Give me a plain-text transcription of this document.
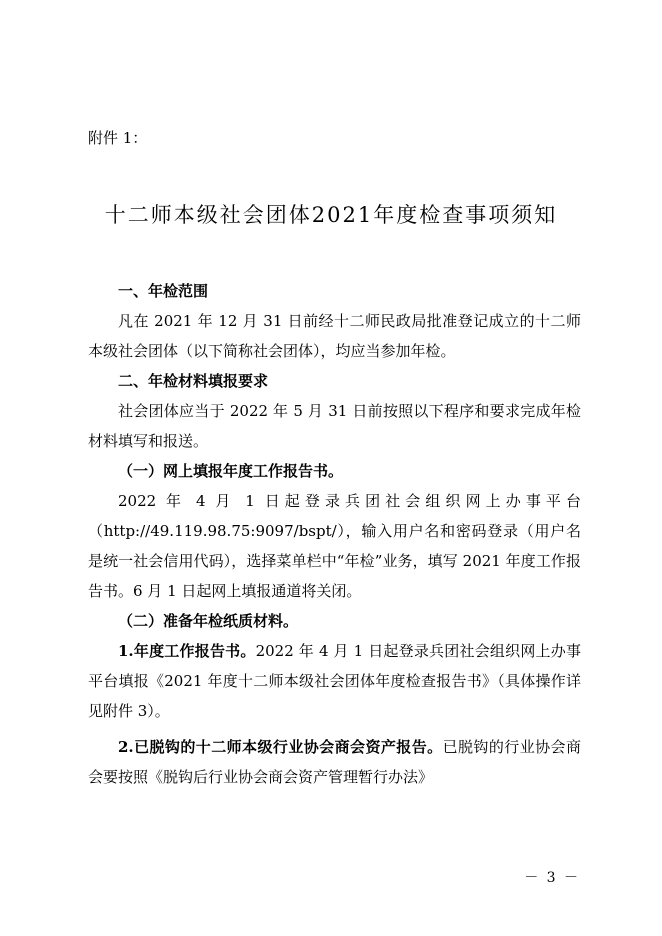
附件 1：
十二师本级社会团体2021年度检查事项须知

一、年检范围

凡在 2021 年 12 月 31 日前经十二师民政局批准登记成立的十二师本级社会团体（以下简称社会团体），均应当参加年检。

二、年检材料填报要求

社会团体应当于 2022 年 5 月 31 日前按照以下程序和要求完成年检材料填写和报送。

（一）网上填报年度工作报告书。

2022 年 4 月 1 日起登录兵团社会组织网上办事平台（http://49.119.98.75:9097/bspt/），输入用户名和密码登录（用户名是统一社会信用代码），选择菜单栏中“年检”业务，填写 2021 年度工作报告书。6 月 1 日起网上填报通道将关闭。

（二）准备年检纸质材料。

1.年度工作报告书。2022 年 4 月 1 日起登录兵团社会组织网上办事平台填报《2021 年度十二师本级社会团体年度检查报告书》（具体操作详见附件 3）。

2.已脱钩的十二师本级行业协会商会资产报告。已脱钩的行业协会商会要按照《脱钩后行业协会商会资产管理暂行办法》

－ 3 －
